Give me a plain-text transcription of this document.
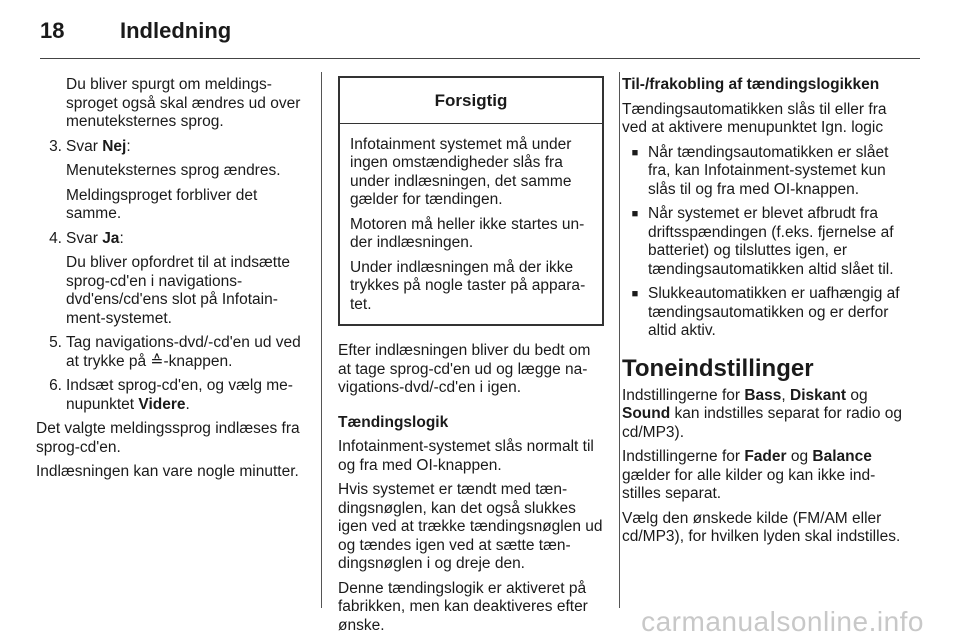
18	Indledning

Du bliver spurgt om meldingssproget også skal ændres ud over menuteksternes sprog.

3. Svar Nej:

Menuteksternes sprog ændres.

Meldingsproget forbliver det samme.

4. Svar Ja:

Du bliver opfordret til at indsætte sprog-cd'en i navigations-dvd'ens/cd'ens slot på Infotainment-systemet.

5. Tag navigations-dvd/-cd'en ud ved at trykke på ≙-knappen.

6. Indsæt sprog-cd'en, og vælg menupunktet Videre.

Det valgte meldingssprog indlæses fra sprog-cd'en.

Indlæsningen kan vare nogle minutter.

Forsigtig

Infotainment systemet må under ingen omstændigheder slås fra under indlæsningen, det samme gælder for tændingen.

Motoren må heller ikke startes under indlæsningen.

Under indlæsningen må der ikke trykkes på nogle taster på apparatet.

Efter indlæsningen bliver du bedt om at tage sprog-cd'en ud og lægge navigations-dvd/-cd'en i igen.

Tændingslogik

Infotainment-systemet slås normalt til og fra med O​I-knappen.

Hvis systemet er tændt med tændingsnøglen, kan det også slukkes igen ved at trække tændingsnøglen ud og tændes igen ved at sætte tændingsnøglen i og dreje den.

Denne tændingslogik er aktiveret på fabrikken, men kan deaktiveres efter ønske.

Til-/frakobling af tændingslogikken

Tændingsautomatikken slås til eller fra ved at aktivere menupunktet Ign. logic

■ Når tændingsautomatikken er slået fra, kan Infotainment-systemet kun slås til og fra med O​I-knappen.
■ Når systemet er blevet afbrudt fra driftsspændingen (f.eks. fjernelse af batteriet) og tilsluttes igen, er tændingsautomatikken altid slået til.
■ Slukkeautomatikken er uafhængig af tændingsautomatikken og er derfor altid aktiv.
Toneindstillinger

Indstillingerne for Bass, Diskant og Sound kan indstilles separat for radio og cd/MP3).

Indstillingerne for Fader og Balance gælder for alle kilder og kan ikke indstilles separat.

Vælg den ønskede kilde (FM/AM eller cd/MP3), for hvilken lyden skal indstilles.

carmanualsonline.info
